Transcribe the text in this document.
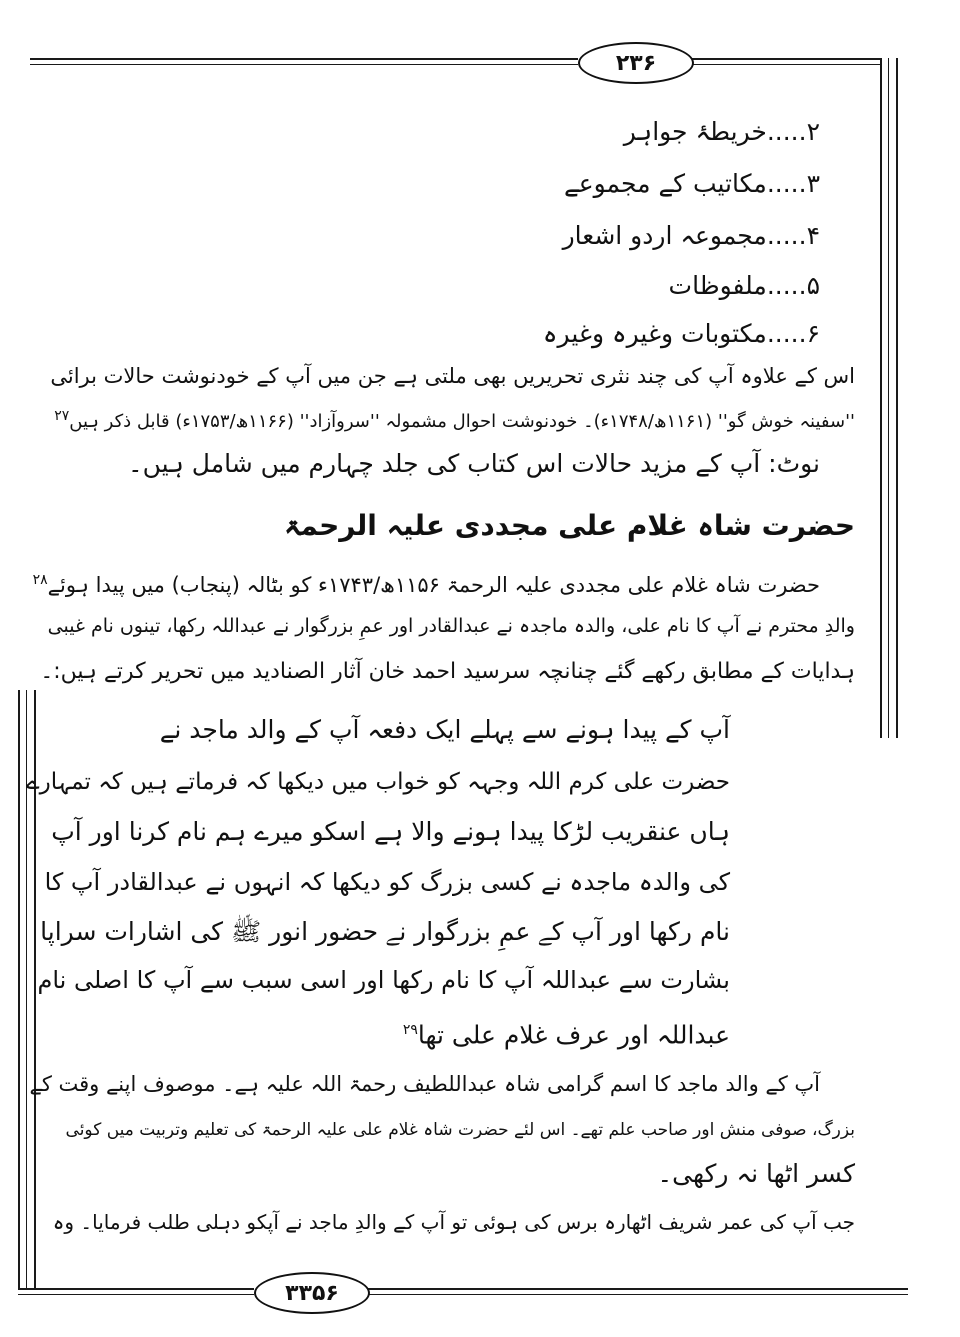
۲۳۶
۳۳۵۶
۲.....خریطۂ جواہر
۳.....مکاتیب کے مجموعے
۴.....مجموعہ اردو اشعار
۵.....ملفوظات
۶.....مکتوبات وغیرہ وغیرہ
اس کے علاوہ آپ کی چند نثری تحریریں بھی ملتی ہے جن میں آپ کے خودنوشت حالات برائی
''سفینہ خوش گو'' (۱۱۶۱ھ/۱۷۴۸ء)۔ خودنوشت احوال مشمولہ ''سروآزاد'' (۱۱۶۶ھ/۱۷۵۳ء) قابل ذکر ہیں$^{۲۷}$
نوٹ: آپ کے مزید حالات اس کتاب کی جلد چہارم میں شامل ہیں۔
حضرت شاہ غلام علی مجددی علیہ الرحمۃ
حضرت شاہ غلام علی مجددی علیہ الرحمۃ ۱۱۵۶ھ/۱۷۴۳ء کو بٹالہ (پنجاب) میں پیدا ہوئے$^{۲۸}$
والدِ محترم نے آپ کا نام علی، والدہ ماجدہ نے عبدالقادر اور عمِ بزرگوار نے عبداللہ رکھا، تینوں نام غیبی
ہدایات کے مطابق رکھے گئے چنانچہ سرسید احمد خان آثار الصنادید میں تحریر کرتے ہیں:۔
آپ کے پیدا ہونے سے پہلے ایک دفعہ آپ کے والد ماجد نے
حضرت علی کرم اللہ وجہہ کو خواب میں دیکھا کہ فرماتے ہیں کہ تمہارے
ہاں عنقریب لڑکا پیدا ہونے والا ہے اسکو میرے ہم نام کرنا اور آپ
کی والدہ ماجدہ نے کسی بزرگ کو دیکھا کہ انہوں نے عبدالقادر آپ کا
نام رکھا اور آپ کے عمِ بزرگوار نے حضور انور ﷺ کی اشارات سراپا
بشارت سے عبداللہ آپ کا نام رکھا اور اسی سبب سے آپ کا اصلی نام
عبداللہ اور عرف غلام علی تھا$^{۲۹}$
آپ کے والد ماجد کا اسم گرامی شاہ عبداللطیف رحمۃ اللہ علیہ ہے۔ موصوف اپنے وقت کے
بزرگ، صوفی منش اور صاحب علم تھے۔ اس لئے حضرت شاہ غلام علی علیہ الرحمۃ کی تعلیم وتربیت میں کوئی
کسر اٹھا نہ رکھی۔
جب آپ کی عمر شریف اٹھارہ برس کی ہوئی تو آپ کے والدِ ماجد نے آپکو دہلی طلب فرمایا۔ وہ
